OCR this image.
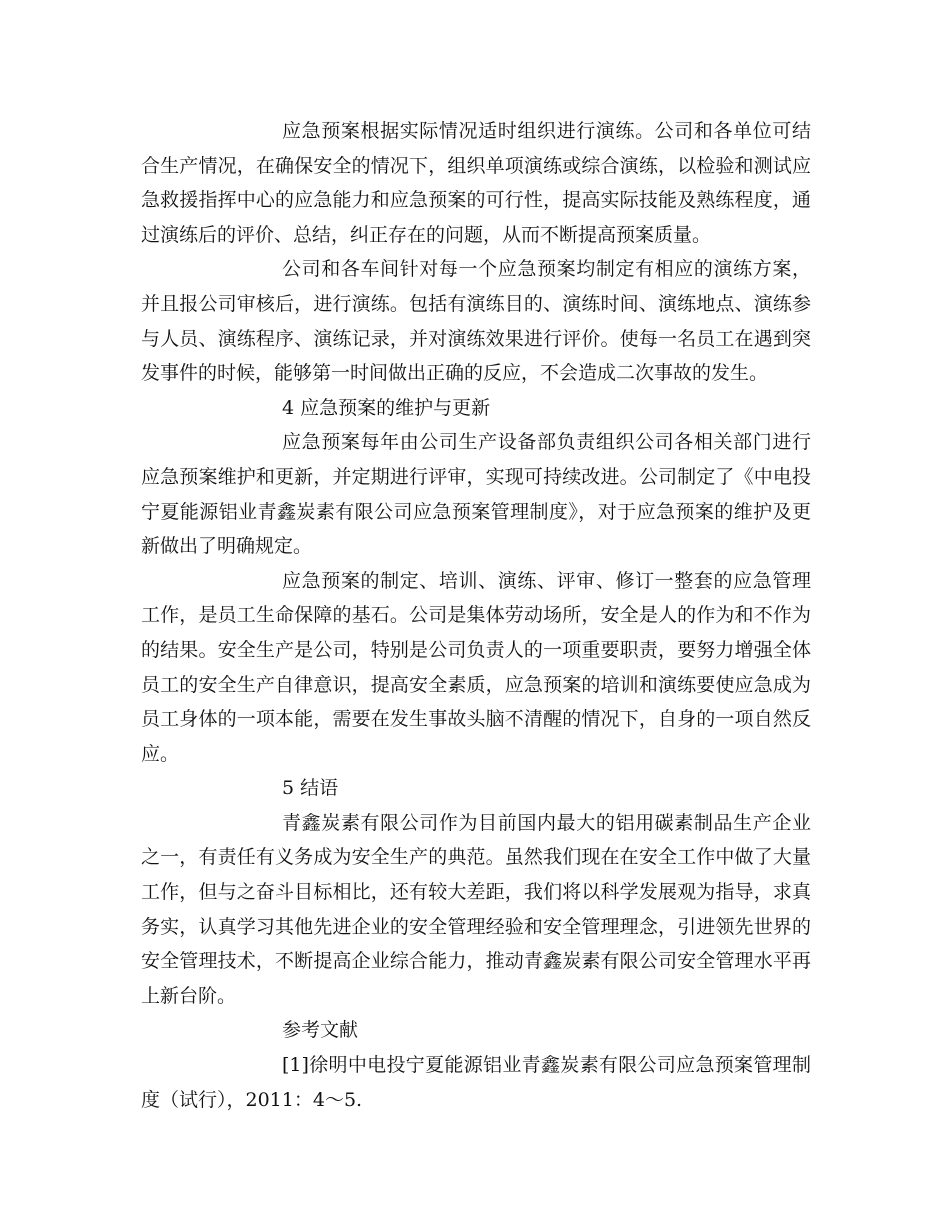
应急预案根据实际情况适时组织进行演练。公司和各单位可结合生产情况，在确保安全的情况下，组织单项演练或综合演练，以检验和测试应急救援指挥中心的应急能力和应急预案的可行性，提高实际技能及熟练程度，通过演练后的评价、总结，纠正存在的问题，从而不断提高预案质量。

公司和各车间针对每一个应急预案均制定有相应的演练方案，并且报公司审核后，进行演练。包括有演练目的、演练时间、演练地点、演练参与人员、演练程序、演练记录，并对演练效果进行评价。使每一名员工在遇到突发事件的时候，能够第一时间做出正确的反应，不会造成二次事故的发生。

4 应急预案的维护与更新

应急预案每年由公司生产设备部负责组织公司各相关部门进行应急预案维护和更新，并定期进行评审，实现可持续改进。公司制定了《中电投宁夏能源铝业青鑫炭素有限公司应急预案管理制度》，对于应急预案的维护及更新做出了明确规定。

应急预案的制定、培训、演练、评审、修订一整套的应急管理工作，是员工生命保障的基石。公司是集体劳动场所，安全是人的作为和不作为的结果。安全生产是公司，特别是公司负责人的一项重要职责，要努力增强全体员工的安全生产自律意识，提高安全素质，应急预案的培训和演练要使应急成为员工身体的一项本能，需要在发生事故头脑不清醒的情况下，自身的一项自然反应。

5 结语

青鑫炭素有限公司作为目前国内最大的铝用碳素制品生产企业之一，有责任有义务成为安全生产的典范。虽然我们现在在安全工作中做了大量工作，但与之奋斗目标相比，还有较大差距，我们将以科学发展观为指导，求真务实，认真学习其他先进企业的安全管理经验和安全管理理念，引进领先世界的安全管理技术，不断提高企业综合能力，推动青鑫炭素有限公司安全管理水平再上新台阶。

参考文献

[1]徐明中电投宁夏能源铝业青鑫炭素有限公司应急预案管理制度（试行），2011：4～5.
